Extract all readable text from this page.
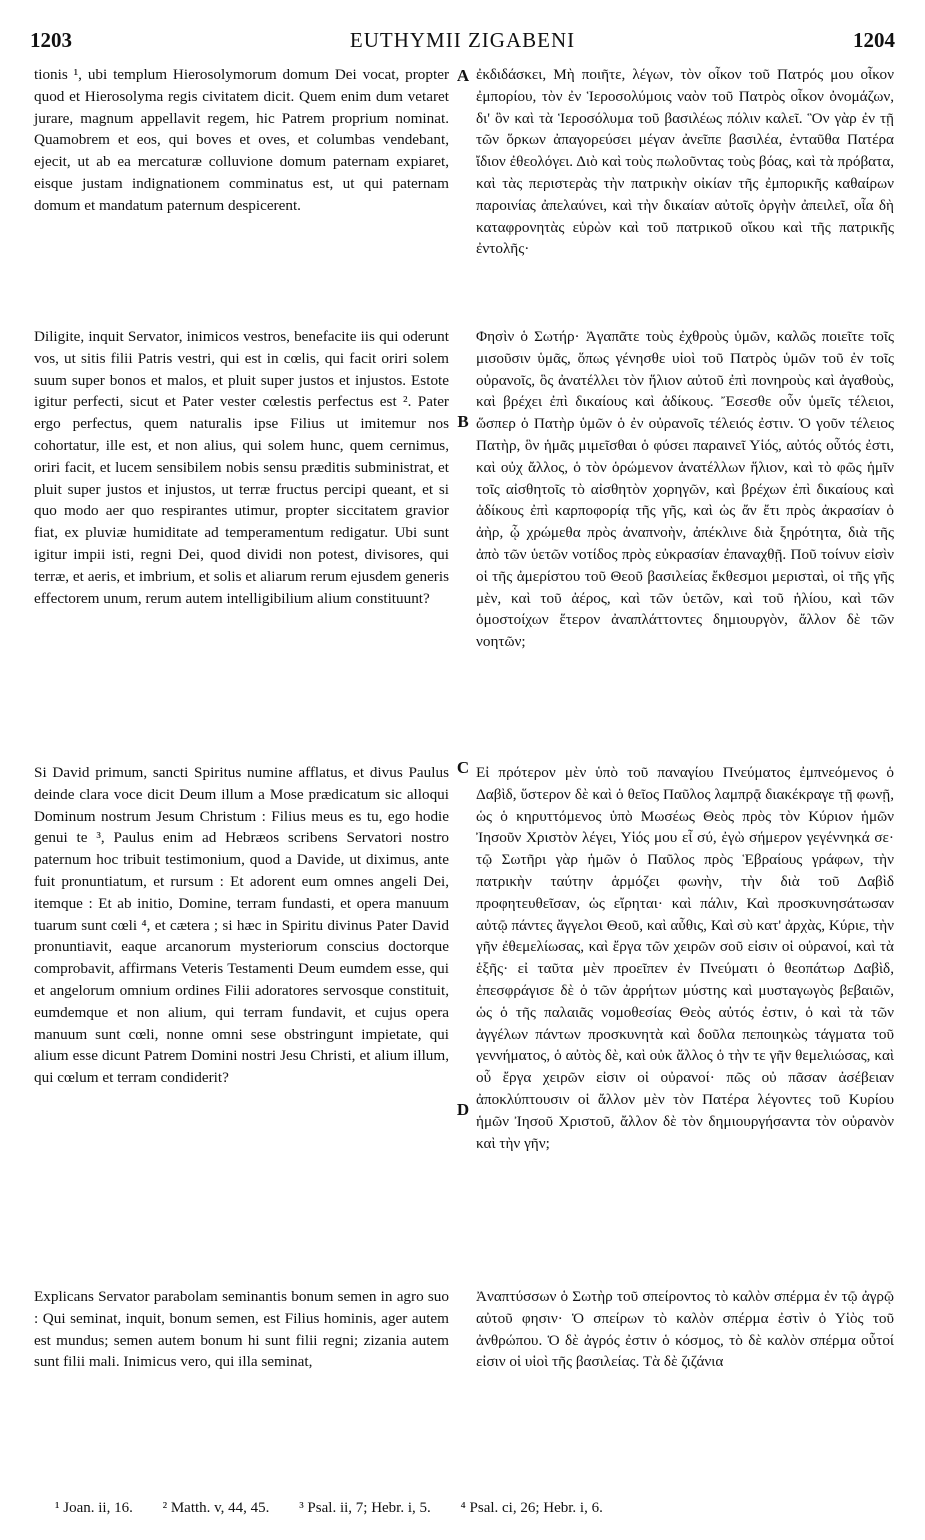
1203	EUTHYMII ZIGABENI	1204

tionis ¹, ubi templum Hierosolymorum domum Dei vocat, propter quod et Hierosolyma regis civitatem dicit. Quem enim dum vetaret jurare, magnum appellavit regem, hic Patrem proprium nominat. Quamobrem et eos, qui boves et oves, et columbas vendebant, ejecit, ut ab ea mercaturæ colluvione domum paternam expiaret, eisque justam indignationem comminatus est, ut qui paternam domum et mandatum paternum despicerent.

Diligite, inquit Servator, inimicos vestros, benefacite iis qui oderunt vos, ut sitis filii Patris vestri, qui est in cœlis, qui facit oriri solem suum super bonos et malos, et pluit super justos et injustos. Estote igitur perfecti, sicut et Pater vester cœlestis perfectus est ². Pater ergo perfectus, quem naturalis ipse Filius ut imitemur nos cohortatur, ille est, et non alius, qui solem hunc, quem cernimus, oriri facit, et lucem sensibilem nobis sensu præditis subministrat, et pluit super justos et injustos, ut terræ fructus percipi queant, et si quo modo aer quo respirantes utimur, propter siccitatem gravior fiat, ex pluviæ humiditate ad temperamentum redigatur. Ubi sunt igitur impii isti, regni Dei, quod dividi non potest, divisores, qui terræ, et aeris, et imbrium, et solis et aliarum rerum ejusdem generis effectorem unum, rerum autem intelligibilium alium constituunt?

Si David primum, sancti Spiritus numine afflatus, et divus Paulus deinde clara voce dicit Deum illum a Mose prædicatum sic alloqui Dominum nostrum Jesum Christum : Filius meus es tu, ego hodie genui te ³, Paulus enim ad Hebræos scribens Servatori nostro paternum hoc tribuit testimonium, quod a Davide, ut diximus, ante fuit pronuntiatum, et rursum : Et adorent eum omnes angeli Dei, itemque : Et ab initio, Domine, terram fundasti, et opera manuum tuarum sunt cœli ⁴, et cætera ; si hæc in Spiritu divinus Pater David pronuntiavit, eaque arcanorum mysteriorum conscius doctorque comprobavit, affirmans Veteris Testamenti Deum eumdem esse, qui et angelorum omnium ordines Filii adoratores servosque constituit, eumdemque et non alium, qui terram fundavit, et cujus opera manuum sunt cœli, nonne omni sese obstringunt impietate, qui alium esse dicunt Patrem Domini nostri Jesu Christi, et alium illum, qui cœlum et terram condiderit?

Explicans Servator parabolam seminantis bonum semen in agro suo : Qui seminat, inquit, bonum semen, est Filius hominis, ager autem est mundus; semen autem bonum hi sunt filii regni; zizania autem sunt filii mali. Inimicus vero, qui illa seminat,

ἐκδιδάσκει, Μὴ ποιῆτε, λέγων, τὸν οἶκον τοῦ Πατρός μου οἶκον ἐμπορίου, τὸν ἐν Ἱεροσολύμοις ναὸν τοῦ Πατρὸς οἶκον ὀνομάζων, δι' ὃν καὶ τὰ Ἱεροσόλυμα τοῦ βασιλέως πόλιν καλεῖ. Ὃν γὰρ ἐν τῇ τῶν ὅρκων ἀπαγορεύσει μέγαν ἀνεῖπε βασιλέα, ἐνταῦθα Πατέρα ἴδιον ἐθεολόγει. Διὸ καὶ τοὺς πωλοῦντας τοὺς βόας, καὶ τὰ πρόβατα, καὶ τὰς περιστερὰς τὴν πατρικὴν οἰκίαν τῆς ἐμπορικῆς καθαίρων παροινίας ἀπελαύνει, καὶ τὴν δικαίαν αὐτοῖς ὀργὴν ἀπειλεῖ, οἷα δὴ καταφρονητὰς εὑρὼν καὶ τοῦ πατρικοῦ οἴκου καὶ τῆς πατρικῆς ἐντολῆς·

Φησὶν ὁ Σωτήρ· Ἀγαπᾶτε τοὺς ἐχθροὺς ὑμῶν, καλῶς ποιεῖτε τοῖς μισοῦσιν ὑμᾶς, ὅπως γένησθε υἱοὶ τοῦ Πατρὸς ὑμῶν τοῦ ἐν τοῖς οὐρανοῖς, ὃς ἀνατέλλει τὸν ἥλιον αὐτοῦ ἐπὶ πονηροὺς καὶ ἀγαθοὺς, καὶ βρέχει ἐπὶ δικαίους καὶ ἀδίκους. Ἔσεσθε οὖν ὑμεῖς τέλειοι, ὥσπερ ὁ Πατὴρ ὑμῶν ὁ ἐν οὐρανοῖς τέλειός ἐστιν. Ὁ γοῦν τέλειος Πατὴρ, ὃν ἡμᾶς μιμεῖσθαι ὁ φύσει παραινεῖ Υἱός, αὐτός οὗτός ἐστι, καὶ οὐχ ἄλλος, ὁ τὸν ὁρώμενον ἀνατέλλων ἥλιον, καὶ τὸ φῶς ἡμῖν τοῖς αἰσθητοῖς τὸ αἰσθητὸν χορηγῶν, καὶ βρέχων ἐπὶ δικαίους καὶ ἀδίκους ἐπὶ καρποφορίᾳ τῆς γῆς, καὶ ὡς ἄν ἔτι πρὸς ἀκρασίαν ὁ ἀὴρ, ᾧ χρώμεθα πρὸς ἀναπνοὴν, ἀπέκλινε διὰ ξηρότητα, διὰ τῆς ἀπὸ τῶν ὑετῶν νοτίδος πρὸς εὐκρασίαν ἐπαναχθῇ. Ποῦ τοίνυν εἰσὶν οἱ τῆς ἀμερίστου τοῦ Θεοῦ βασιλείας ἔκθεσμοι μερισταὶ, οἱ τῆς γῆς μὲν, καὶ τοῦ ἀέρος, καὶ τῶν ὑετῶν, καὶ τοῦ ἡλίου, καὶ τῶν ὁμοστοίχων ἕτερον ἀναπλάττοντες δημιουργὸν, ἄλλον δὲ τῶν νοητῶν;

Εἰ πρότερον μὲν ὑπὸ τοῦ παναγίου Πνεύματος ἐμπνεόμενος ὁ Δαβὶδ, ὕστερον δὲ καὶ ὁ θεῖος Παῦλος λαμπρᾷ διακέκραγε τῇ φωνῇ, ὡς ὁ κηρυττόμενος ὑπὸ Μωσέως Θεὸς πρὸς τὸν Κύριον ἡμῶν Ἰησοῦν Χριστὸν λέγει, Υἱός μου εἶ σύ, ἐγὼ σήμερον γεγέννηκά σε· τῷ Σωτῆρι γὰρ ἡμῶν ὁ Παῦλος πρὸς Ἑβραίους γράφων, τὴν πατρικὴν ταύτην ἁρμόζει φωνὴν, τὴν διὰ τοῦ Δαβὶδ προφητευθεῖσαν, ὡς εἴρηται· καὶ πάλιν, Καὶ προσκυνησάτωσαν αὐτῷ πάντες ἄγγελοι Θεοῦ, καὶ αὖθις, Καὶ σὺ κατ' ἀρχὰς, Κύριε, τὴν γῆν ἐθεμελίωσας, καὶ ἔργα τῶν χειρῶν σοῦ εἰσιν οἱ οὐρανοί, καὶ τὰ ἑξῆς· εἰ ταῦτα μὲν προεῖπεν ἐν Πνεύματι ὁ θεοπάτωρ Δαβὶδ, ἐπεσφράγισε δὲ ὁ τῶν ἀρρήτων μύστης καὶ μυσταγωγὸς βεβαιῶν, ὡς ὁ τῆς παλαιᾶς νομοθεσίας Θεὸς αὐτός ἐστιν, ὁ καὶ τὰ τῶν ἀγγέλων πάντων προσκυνητὰ καὶ δοῦλα πεποιηκὼς τάγματα τοῦ γεννήματος, ὁ αὐτὸς δὲ, καὶ οὐκ ἄλλος ὁ τὴν τε γῆν θεμελιώσας, καὶ οὗ ἔργα χειρῶν εἰσιν οἱ οὐρανοί· πῶς οὐ πᾶσαν ἀσέβειαν ἀποκλύπτουσιν οἱ ἄλλον μὲν τὸν Πατέρα λέγοντες τοῦ Κυρίου ἡμῶν Ἰησοῦ Χριστοῦ, ἄλλον δὲ τὸν δημιουργήσαντα τὸν οὐρανὸν καὶ τὴν γῆν;

Ἀναπτύσσων ὁ Σωτὴρ τοῦ σπείροντος τὸ καλὸν σπέρμα ἐν τῷ ἀγρῷ αὐτοῦ φησιν· Ὁ σπείρων τὸ καλὸν σπέρμα ἐστὶν ὁ Υἱὸς τοῦ ἀνθρώπου. Ὁ δὲ ἀγρός ἐστιν ὁ κόσμος, τὸ δὲ καλὸν σπέρμα οὗτοί εἰσιν οἱ υἱοὶ τῆς βασιλείας. Τὰ δὲ ζιζάνια

A
B
C
D
¹ Joan. ii, 16. ² Matth. v, 44, 45. ³ Psal. ii, 7; Hebr. i, 5. ⁴ Psal. ci, 26; Hebr. i, 6.
